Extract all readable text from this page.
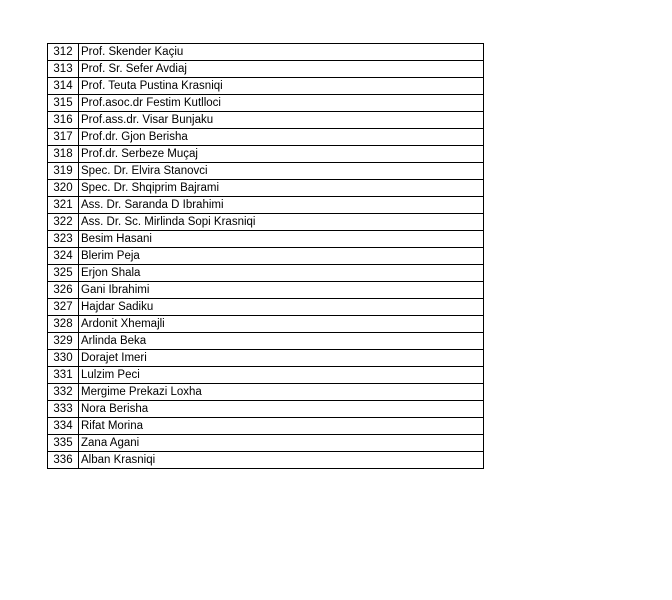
312	Prof. Skender Kaçiu
313	Prof. Sr. Sefer Avdiaj
314	Prof. Teuta Pustina Krasniqi
315	Prof.asoc.dr Festim Kutlloci
316	Prof.ass.dr. Visar Bunjaku
317	Prof.dr. Gjon Berisha
318	Prof.dr. Serbeze Muçaj
319	Spec. Dr. Elvira Stanovci
320	Spec. Dr. Shqiprim Bajrami
321	Ass. Dr. Saranda D Ibrahimi
322	Ass. Dr. Sc. Mirlinda Sopi Krasniqi
323	Besim Hasani
324	Blerim Peja
325	Erjon Shala
326	Gani Ibrahimi
327	Hajdar Sadiku
328	Ardonit Xhemajli
329	Arlinda Beka
330	Dorajet Imeri
331	Lulzim Peci
332	Mergime Prekazi Loxha
333	Nora Berisha
334	Rifat Morina
335	Zana Agani
336	Alban Krasniqi
